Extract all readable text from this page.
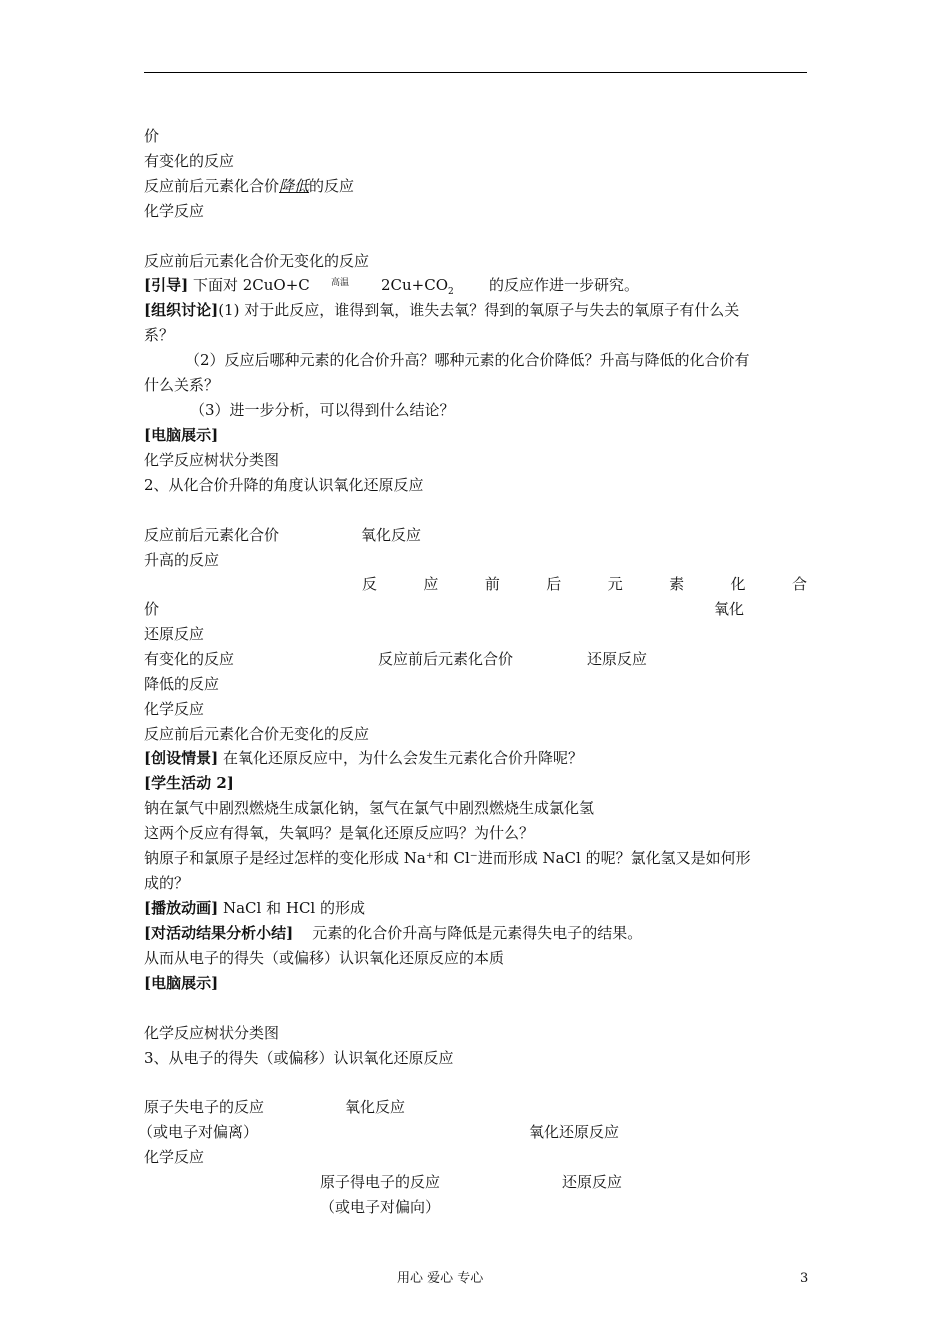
价
有变化的反应
反应前后元素化合价降低的反应
化学反应
反应前后元素化合价无变化的反应
[引导] 下面对 2CuO+C 高温 $2Cu+CO_2$ 的反应作进一步研究。
[组织讨论](1) 对于此反应，谁得到氧，谁失去氧？得到的氧原子与失去的氧原子有什么关
系？
（2）反应后哪种元素的化合价升高？哪种元素的化合价降低？升高与降低的化合价有
什么关系？
（3）进一步分析，可以得到什么结论？
[电脑展示]
化学反应树状分类图
2、从化合价升降的角度认识氧化还原反应
反应前后元素化合价	氧化反应
升高的反应
反	应	前	后	元	素	化	合
价	氧化
还原反应
有变化的反应	反应前后元素化合价	还原反应
降低的反应
化学反应
反应前后元素化合价无变化的反应
[创设情景] 在氧化还原反应中，为什么会发生元素化合价升降呢？
[学生活动 2]
钠在氯气中剧烈燃烧生成氯化钠，氢气在氯气中剧烈燃烧生成氯化氢
这两个反应有得氧，失氧吗？是氧化还原反应吗？为什么？
钠原子和氯原子是经过怎样的变化形成 Na⁺和 Cl⁻进而形成 NaCl 的呢？氯化氢又是如何形
成的？
[播放动画] NaCl 和 HCl 的形成
[对活动结果分析小结] 元素的化合价升高与降低是元素得失电子的结果。
从而从电子的得失（或偏移）认识氧化还原反应的本质
[电脑展示]
化学反应树状分类图
3、从电子的得失（或偏移）认识氧化还原反应
原子失电子的反应	氧化反应
（或电子对偏离）	氧化还原反应
化学反应
原子得电子的反应	还原反应
（或电子对偏向）
用心 爱心 专心	3
